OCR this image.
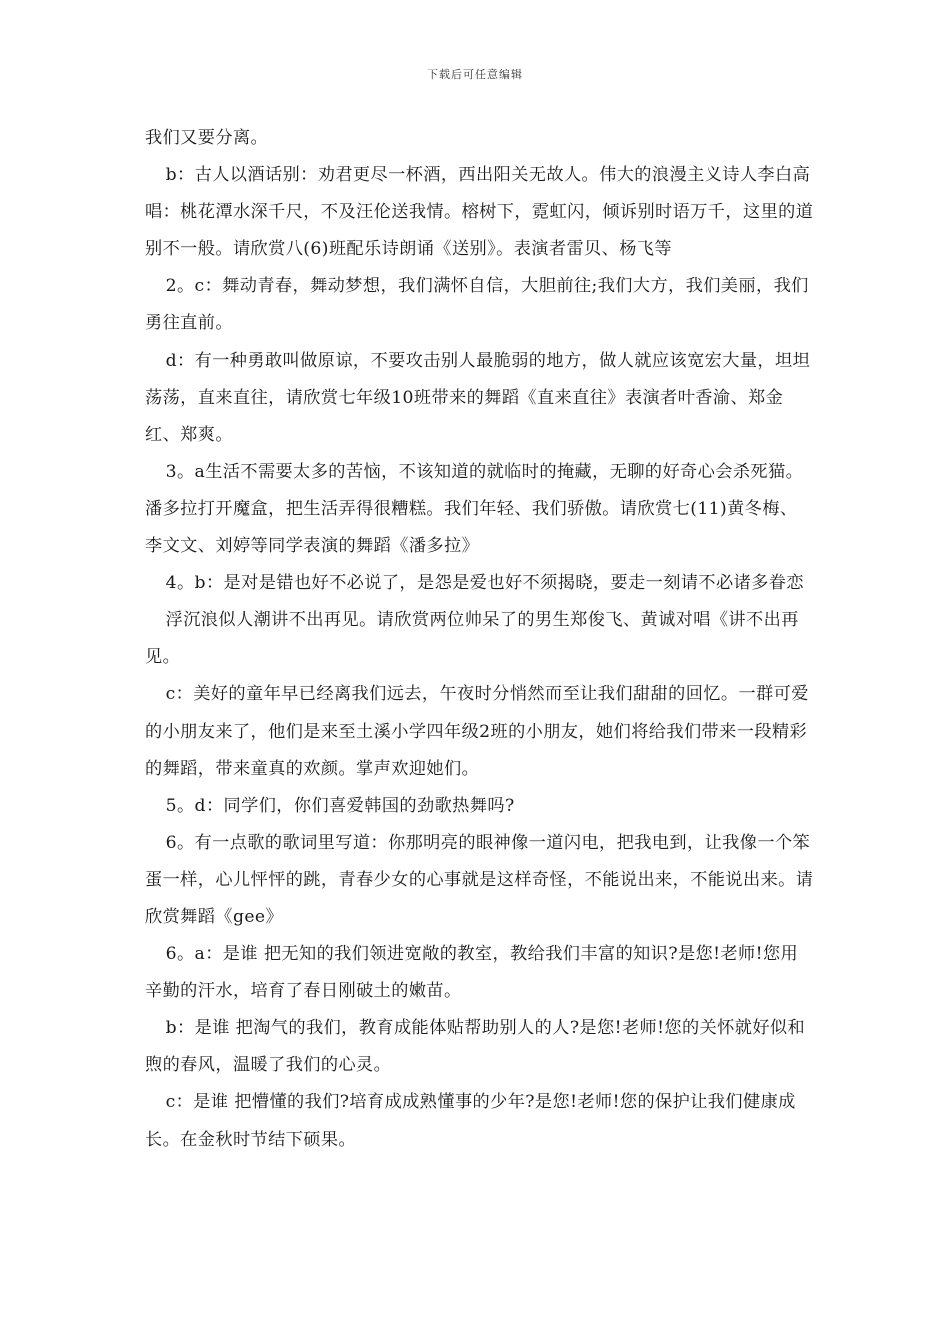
下载后可任意编辑

我们又要分离。

b：古人以酒话别：劝君更尽一杯酒，西出阳关无故人。伟大的浪漫主义诗人李白高唱：桃花潭水深千尺，不及汪伦送我情。榕树下，霓虹闪，倾诉别时语万千，这里的道别不一般。请欣赏八(6)班配乐诗朗诵《送别》。表演者雷贝、杨飞等

2。c：舞动青春，舞动梦想，我们满怀自信，大胆前往;我们大方，我们美丽，我们勇往直前。

d：有一种勇敢叫做原谅，不要攻击别人最脆弱的地方，做人就应该宽宏大量，坦坦荡荡，直来直往，请欣赏七年级10班带来的舞蹈《直来直往》表演者叶香渝、郑金红、郑爽。

3。a生活不需要太多的苦恼，不该知道的就临时的掩藏，无聊的好奇心会杀死猫。潘多拉打开魔盒，把生活弄得很糟糕。我们年轻、我们骄傲。请欣赏七(11)黄冬梅、李文文、刘婷等同学表演的舞蹈《潘多拉》

4。b：是对是错也好不必说了，是怨是爱也好不须揭晓，要走一刻请不必诸多眷恋

浮沉浪似人潮讲不出再见。请欣赏两位帅呆了的男生郑俊飞、黄诚对唱《讲不出再见。

c：美好的童年早已经离我们远去，午夜时分悄然而至让我们甜甜的回忆。一群可爱的小朋友来了，他们是来至土溪小学四年级2班的小朋友，她们将给我们带来一段精彩的舞蹈，带来童真的欢颜。掌声欢迎她们。

5。d：同学们，你们喜爱韩国的劲歌热舞吗?

6。有一点歌的歌词里写道：你那明亮的眼神像一道闪电，把我电到，让我像一个笨蛋一样，心儿怦怦的跳，青春少女的心事就是这样奇怪，不能说出来，不能说出来。请欣赏舞蹈《gee》

6。a：是谁 把无知的我们领进宽敞的教室，教给我们丰富的知识?是您!老师!您用辛勤的汗水，培育了春日刚破土的嫩苗。

b：是谁 把淘气的我们，教育成能体贴帮助别人的人?是您!老师!您的关怀就好似和煦的春风，温暖了我们的心灵。

c：是谁 把懵懂的我们?培育成成熟懂事的少年?是您!老师!您的保护让我们健康成长。在金秋时节结下硕果。
